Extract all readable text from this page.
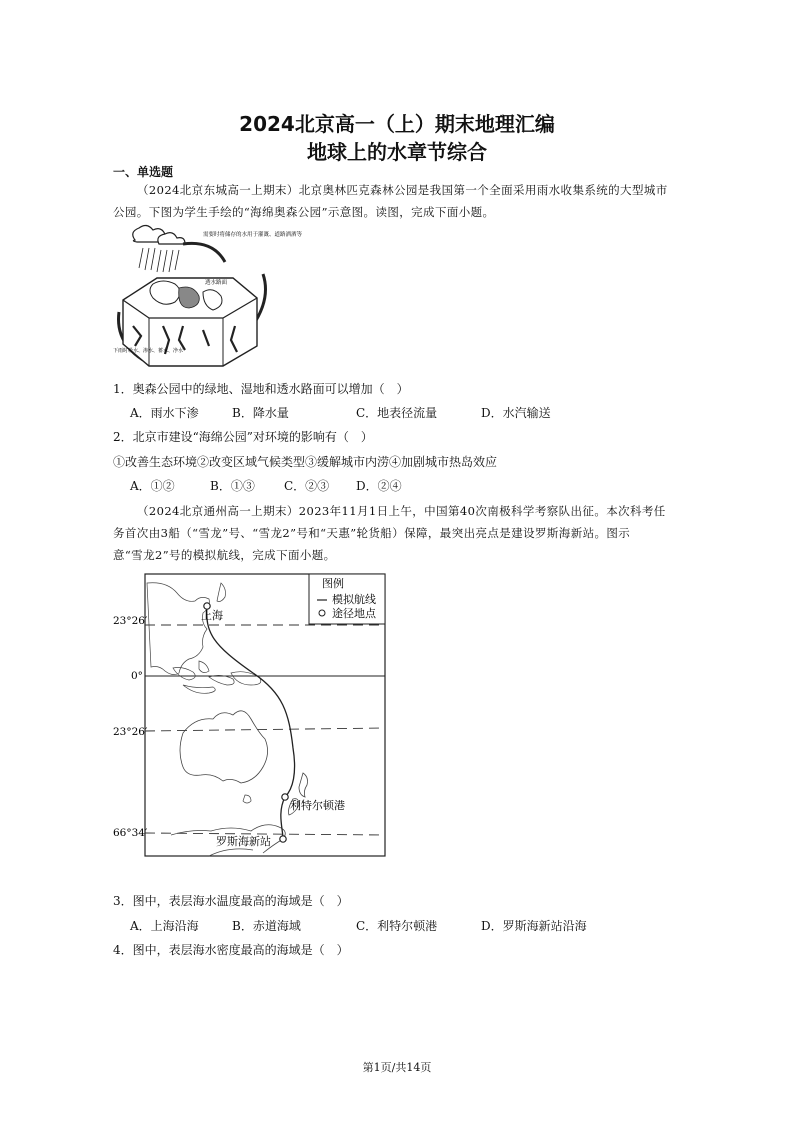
2024北京高一（上）期末地理汇编
地球上的水章节综合
一、单选题
（2024北京东城高一上期末）北京奥林匹克森林公园是我国第一个全面采用雨水收集系统的大型城市
公园。下图为学生手绘的“海绵奥森公园”示意图。读图，完成下面小题。
需要时将储存的水用于灌溉、道路洒洒等
透水路面
下雨时吸水、渗水、蓄水、净水
1．奥森公园中的绿地、湿地和透水路面可以增加（　）
A．雨水下渗	B．降水量	C．地表径流量	D．水汽输送
2．北京市建设“海绵公园”对环境的影响有（　）
①改善生态环境②改变区域气候类型③缓解城市内涝④加剧城市热岛效应
A．①②	B．①③ C．②③ D．②④
（2024北京通州高一上期末）2023年11月1日上午，中国第40次南极科学考察队出征。本次科考任
务首次由3船（“雪龙”号、“雪龙2”号和“天惠”轮货船）保障，最突出亮点是建设罗斯海新站。图示
意“雪龙2”号的模拟航线，完成下面小题。
图例
模拟航线
途径地点
23°26′
0°
23°26′
66°34′
上海
利特尔顿港
罗斯海新站
3．图中，表层海水温度最高的海域是（　）
A．上海沿海	B．赤道海域	C．利特尔顿港	D．罗斯海新站沿海
4．图中，表层海水密度最高的海域是（　）
第1页/共14页
